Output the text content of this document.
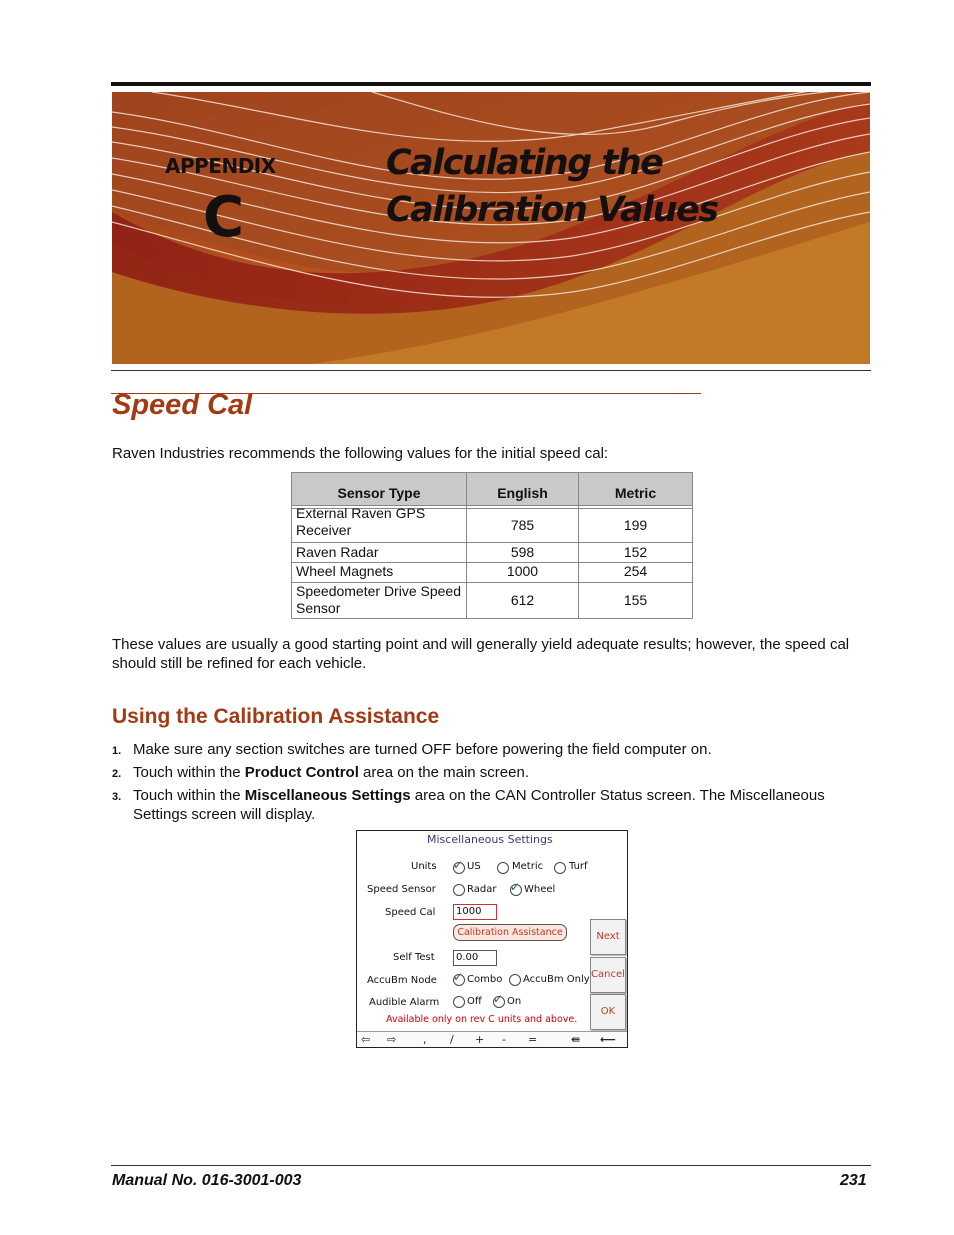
APPENDIX
C
Calculating the
Calibration Values
Speed Cal
Raven Industries recommends the following values for the initial speed cal:
Sensor Type	English	Metric

External Raven GPS
Receiver	785	199
Raven Radar	598	152
Wheel Magnets	1000	254

Speedometer Drive Speed
Sensor	612	155
These values are usually a good starting point and will generally yield adequate results; however, the speed cal should still be refined for each vehicle.
Using the Calibration Assistance
1. Make sure any section switches are turned OFF before powering the field computer on.
2. Touch within the Product Control area on the main screen.
3. Touch within the Miscellaneous Settings area on the CAN Controller Status screen. The Miscellaneous Settings screen will display.
Miscellaneous Settings
Units ✓ US	Metric	Turf
Speed Sensor	Radar ✓ Wheel
Speed Cal	1000
Calibration Assistance
Self Test	0.00
AccuBm Node ✓ Combo AccuBm Only
Audible Alarm	Off ✓ On
Available only on rev C units and above.
Next
Cancel
OK
⇦ ⇨ , / + - =	⇚ ⟵
Manual No. 016-3001-003	231
